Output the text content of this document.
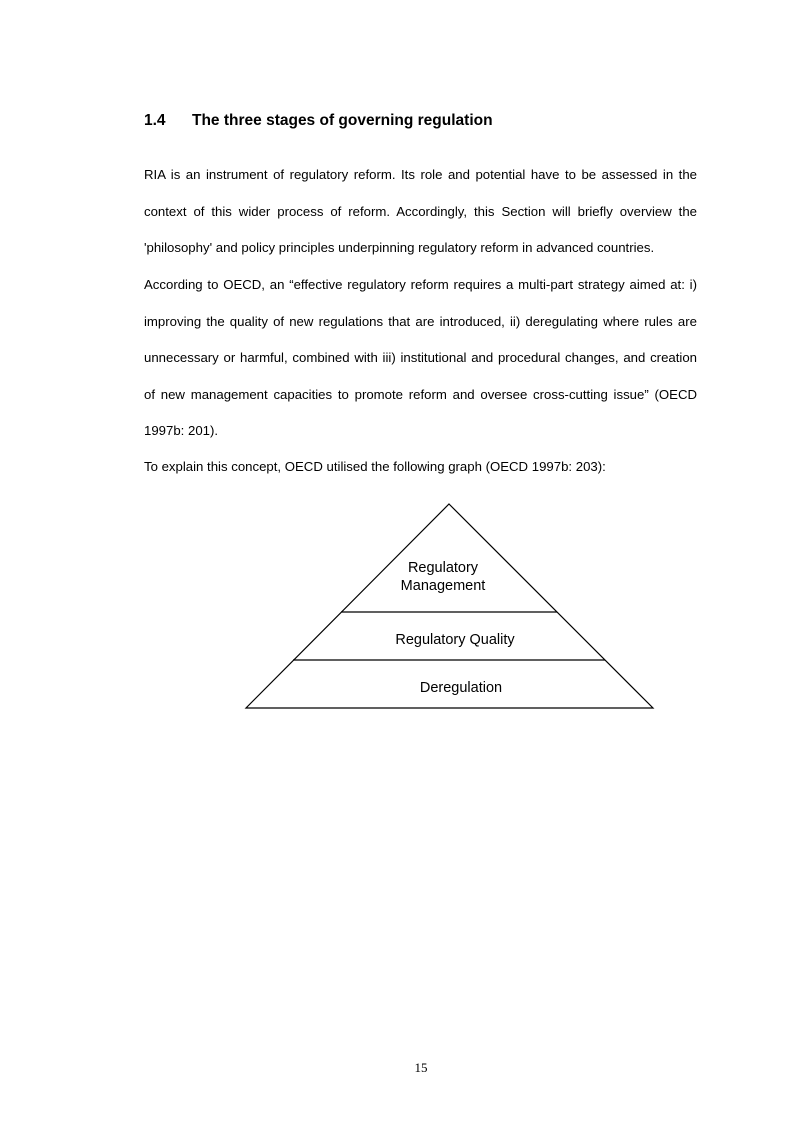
1.4 The three stages of governing regulation

RIA is an instrument of regulatory reform. Its role and potential have to be assessed in the context of this wider process of reform. Accordingly, this Section will briefly overview the 'philosophy' and policy principles underpinning regulatory reform in advanced countries.

According to OECD, an “effective regulatory reform requires a multi-part strategy aimed at: i) improving the quality of new regulations that are introduced, ii) deregulating where rules are unnecessary or harmful, combined with iii) institutional and procedural changes, and creation of new management capacities to promote reform and oversee cross-cutting issue” (OECD 1997b: 201).

To explain this concept, OECD utilised the following graph (OECD 1997b: 203):

Regulatory
Management
Regulatory Quality
Deregulation

15
